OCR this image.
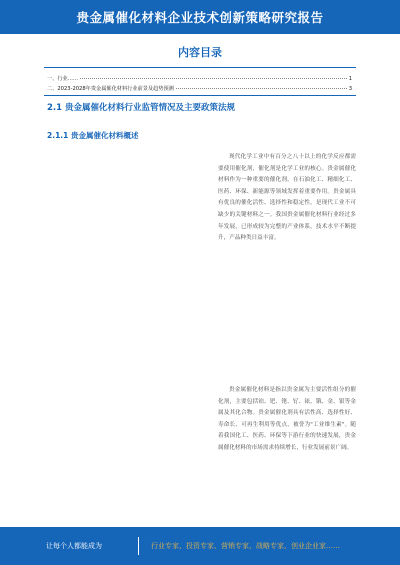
贵金属催化材料企业技术创新策略研究报告
内容目录
一、行业……	1
二、2023-2028年贵金属催化材料行业前景及趋势预测	3
2.1 贵金属催化材料行业监管情况及主要政策法规
2.1.1 贵金属催化材料概述
现代化学工业中有百分之八十以上的化学反应都需要使用催化剂，催化剂是化学工业的核心。贵金属催化材料作为一种重要的催化剂，在石油化工、精细化工、医药、环保、新能源等领域发挥着重要作用。贵金属具有优良的催化活性、选择性和稳定性，是现代工业不可缺少的关键材料之一。我国贵金属催化材料行业经过多年发展，已形成较为完整的产业体系，技术水平不断提升，产品种类日益丰富。
贵金属催化材料是指以贵金属为主要活性组分的催化剂，主要包括铂、钯、铑、钌、铱、锇、金、银等金属及其化合物。贵金属催化剂具有活性高、选择性好、寿命长、可再生利用等优点，被誉为"工业维生素"。随着我国化工、医药、环保等下游行业的快速发展，贵金属催化材料的市场需求持续增长，行业发展前景广阔。
让每个人都能成为	行业专家、投资专家、营销专家、战略专家、创业企业家……
